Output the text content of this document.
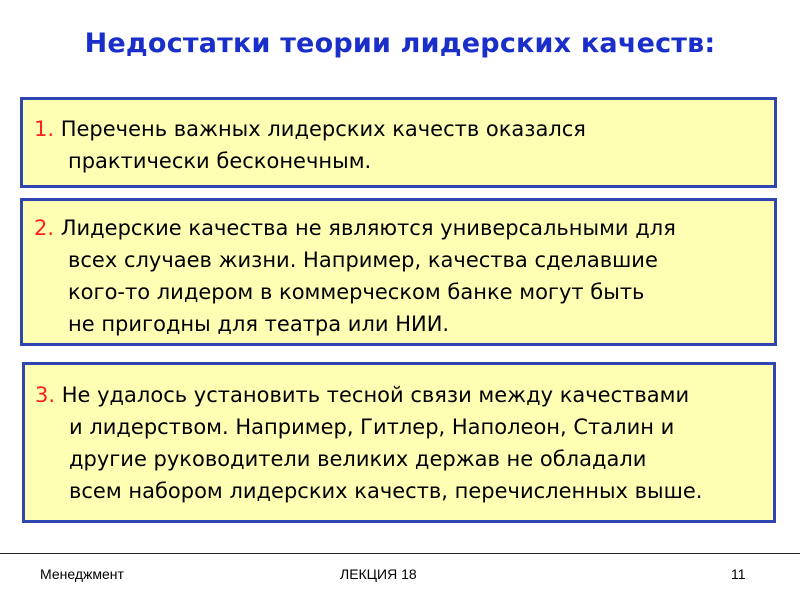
Недостатки теории лидерских качеств:
1. Перечень важных лидерских качеств оказался
практически бесконечным.
2. Лидерские качества не являются универсальными для
всех случаев жизни. Например, качества сделавшие
кого-то лидером в коммерческом банке могут быть
не пригодны для театра или НИИ.
3. Не удалось установить тесной связи между качествами
и лидерством. Например, Гитлер, Наполеон, Сталин и
другие руководители великих держав не обладали
всем набором лидерских качеств, перечисленных выше.
Менеджмент	ЛЕКЦИЯ 18	11
